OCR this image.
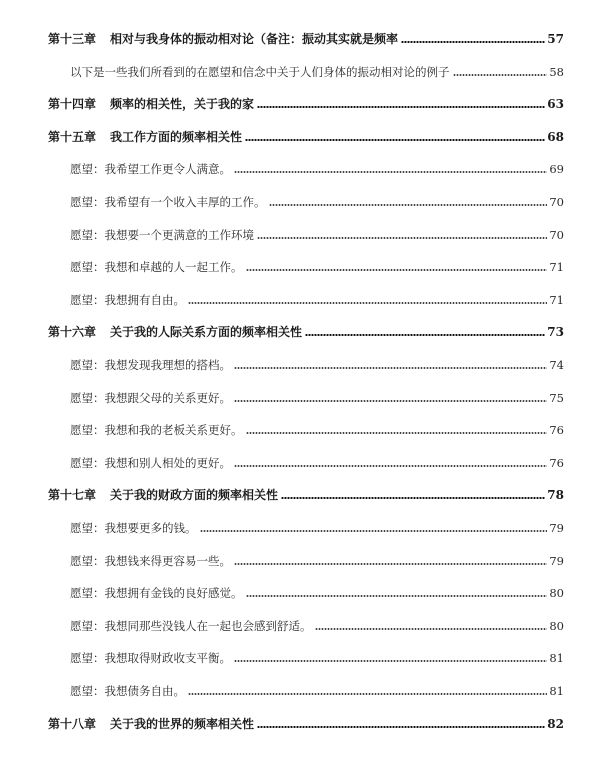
第十三章 相对与我身体的振动相对论（备注：振动其实就是频率	57
以下是一些我们所看到的在愿望和信念中关于人们身体的振动相对论的例子	58
第十四章 频率的相关性，关于我的家	63
第十五章 我工作方面的频率相关性	68
愿望：我希望工作更令人满意。	69
愿望：我希望有一个收入丰厚的工作。	70
愿望：我想要一个更满意的工作环境	70
愿望：我想和卓越的人一起工作。	71
愿望：我想拥有自由。	71
第十六章 关于我的人际关系方面的频率相关性	73
愿望：我想发现我理想的搭档。	74
愿望：我想跟父母的关系更好。	75
愿望：我想和我的老板关系更好。	76
愿望：我想和别人相处的更好。	76
第十七章 关于我的财政方面的频率相关性	78
愿望：我想要更多的钱。	79
愿望：我想钱来得更容易一些。	79
愿望：我想拥有金钱的良好感觉。	80
愿望：我想同那些没钱人在一起也会感到舒适。	80
愿望：我想取得财政收支平衡。	81
愿望：我想债务自由。	81
第十八章 关于我的世界的频率相关性	82
